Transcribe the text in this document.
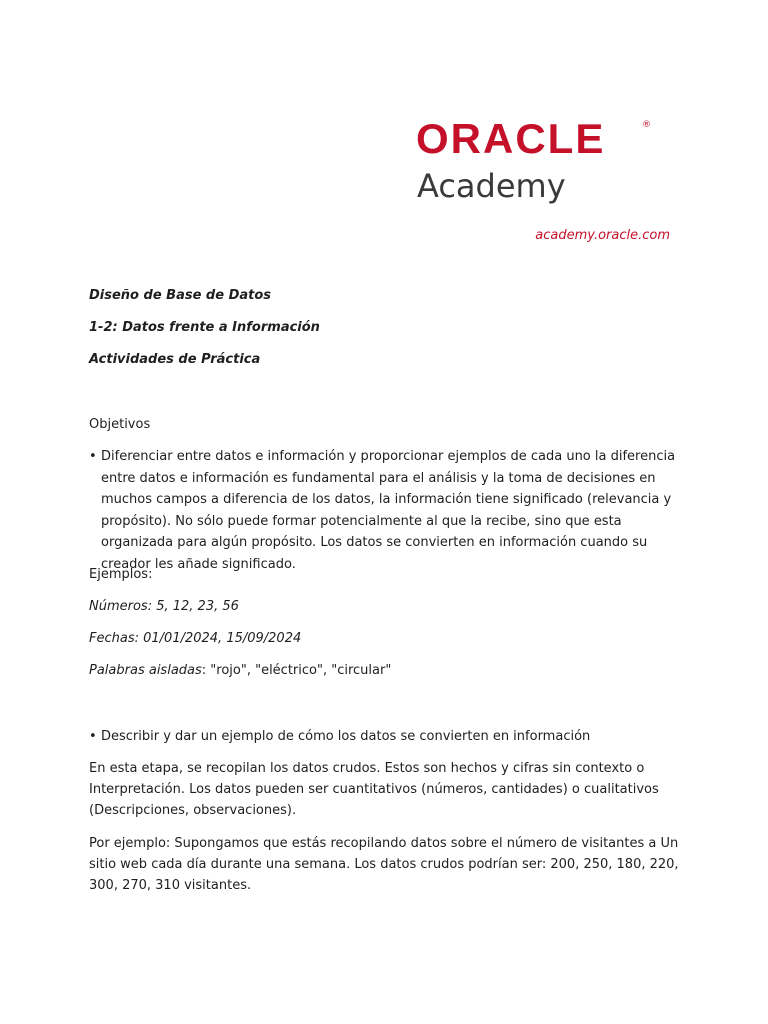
ORACLE	®
Academy
academy.oracle.com
Diseño de Base de Datos
1-2: Datos frente a Información
Actividades de Práctica
Objetivos
• Diferenciar entre datos e información y proporcionar ejemplos de cada uno la diferencia entre datos e información es fundamental para el análisis y la toma de decisiones en muchos campos a diferencia de los datos, la información tiene significado (relevancia y propósito). No sólo puede formar potencialmente al que la recibe, sino que esta organizada para algún propósito. Los datos se convierten en información cuando su creador les añade significado.
Ejemplos:
Números: 5, 12, 23, 56
Fechas: 01/01/2024, 15/09/2024
Palabras aisladas: "rojo", "eléctrico", "circular"
• Describir y dar un ejemplo de cómo los datos se convierten en información
En esta etapa, se recopilan los datos crudos. Estos son hechos y cifras sin contexto o Interpretación. Los datos pueden ser cuantitativos (números, cantidades) o cualitativos (Descripciones, observaciones).
Por ejemplo: Supongamos que estás recopilando datos sobre el número de visitantes a Un sitio web cada día durante una semana. Los datos crudos podrían ser: 200, 250, 180, 220, 300, 270, 310 visitantes.
